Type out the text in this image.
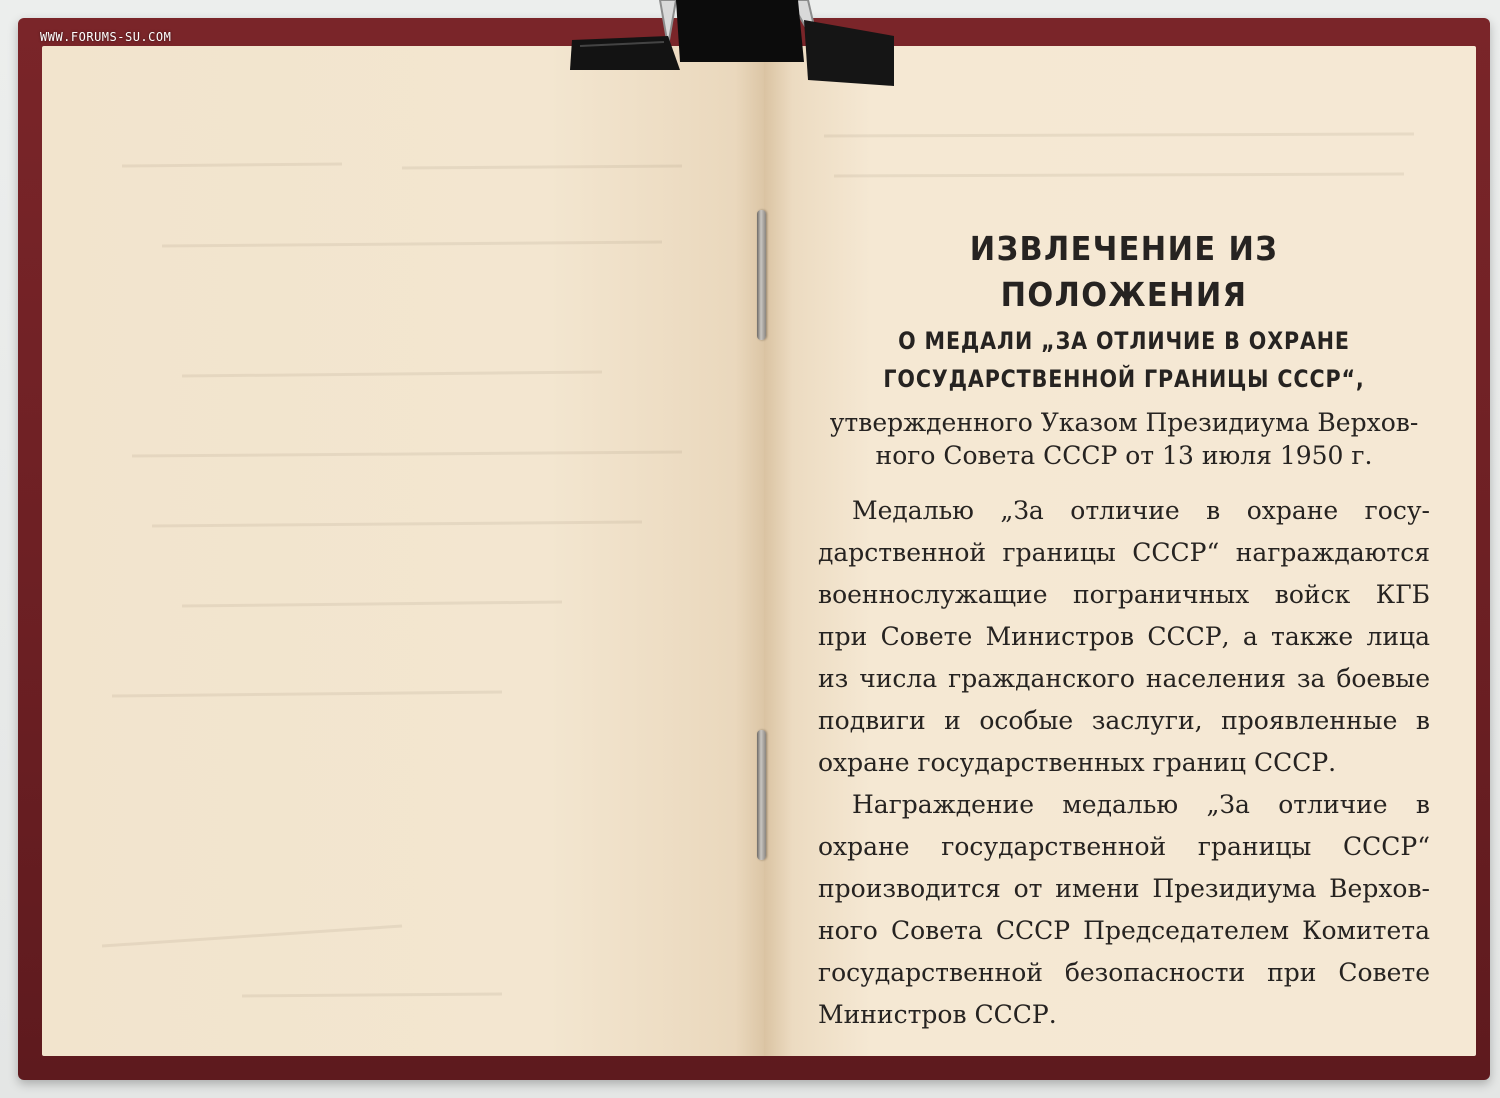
WWW.FORUMS-SU.COM
ИЗВЛЕЧЕНИЕ ИЗ ПОЛОЖЕНИЯ
О МЕДАЛИ „ЗА ОТЛИЧИЕ В ОХРАНЕ
ГОСУДАРСТВЕННОЙ ГРАНИЦЫ СССР“,
утвержденного Указом Президиума Верхов-
ного Совета СССР от 13 июля 1950 г.

Медалью „За отличие в охране госу- дарственной границы СССР“ награждаются военнослужащие пограничных войск КГБ при Совете Министров СССР, а также лица из числа гражданского населения за боевые подвиги и особые заслуги, проявленные в охране государственных границ СССР.

Награждение медалью „За отличие в охране государственной границы СССР“ производится от имени Президиума Верхов- ного Совета СССР Председателем Комитета государственной безопасности при Совете Министров СССР.
